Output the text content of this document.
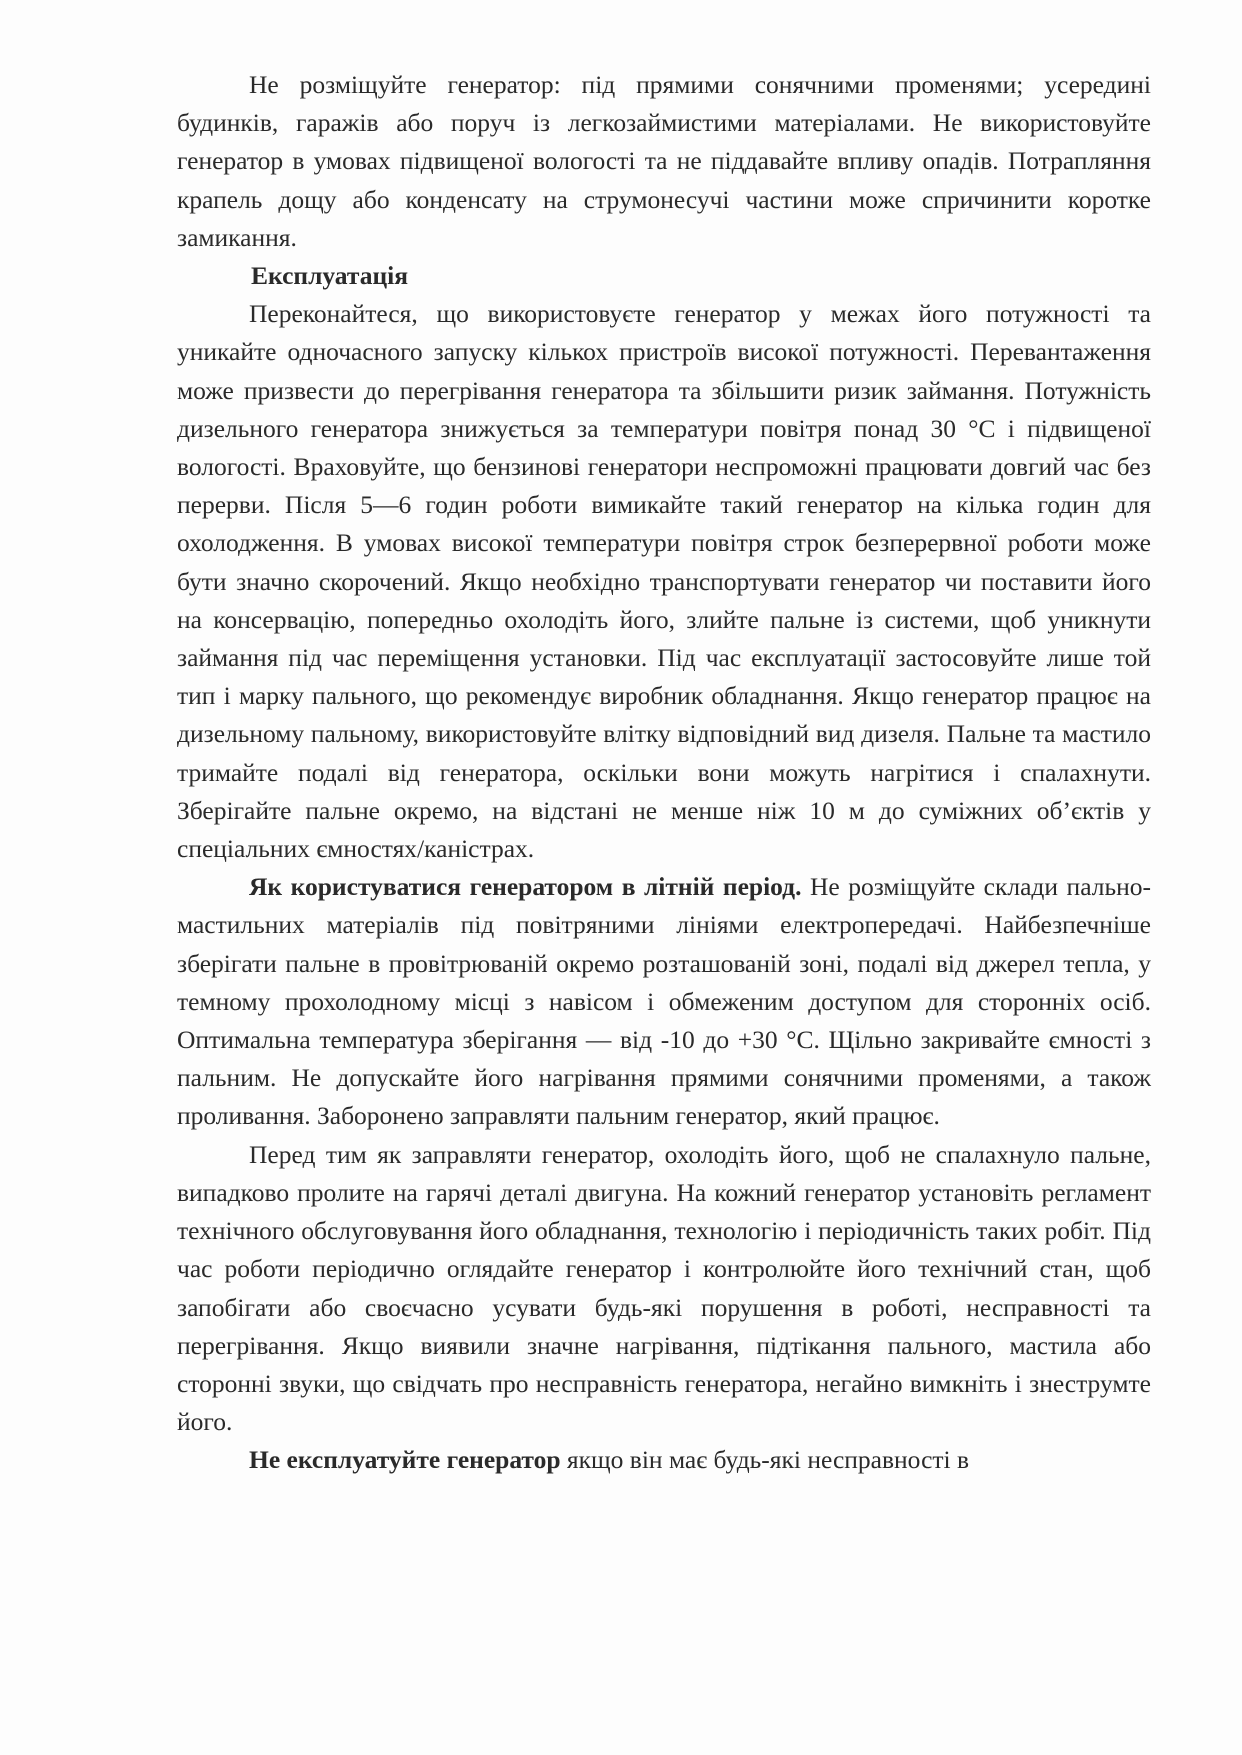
Не розміщуйте генератор: під прямими сонячними променями; усередині будинків, гаражів або поруч із легкозаймистими матеріалами. Не використовуйте генератор в умовах підвищеної вологості та не піддавайте впливу опадів. Потрапляння крапель дощу або конденсату на струмонесучі частини може спричинити коротке замикання.

Експлуатація

Переконайтеся, що використовуєте генератор у межах його потужності та уникайте одночасного запуску кількох пристроїв високої потужності. Перевантаження може призвести до перегрівання генератора та збільшити ризик займання. Потужність дизельного генератора знижується за температури повітря понад 30 °С і підвищеної вологості. Враховуйте, що бензинові генератори неспроможні працювати довгий час без перерви. Після 5—6 годин роботи вимикайте такий генератор на кілька годин для охолодження. В умовах високої температури повітря строк безперервної роботи може бути значно скорочений. Якщо необхідно транспортувати генератор чи поставити його на консервацію, попередньо охолодіть його, злийте пальне із системи, щоб уникнути займання під час переміщення установки. Під час експлуатації застосовуйте лише той тип і марку пального, що рекомендує виробник обладнання. Якщо генератор працює на дизельному пальному, використовуйте влітку відповідний вид дизеля. Пальне та мастило тримайте подалі від генератора, оскільки вони можуть нагрітися і спалахнути. Зберігайте пальне окремо, на відстані не менше ніж 10 м до суміжних об’єктів у спеціальних ємностях/каністрах.

Як користуватися генератором в літній період. Не розміщуйте склади пально-мастильних матеріалів під повітряними лініями електропередачі. Найбезпечніше зберігати пальне в провітрюваній окремо розташованій зоні, подалі від джерел тепла, у темному прохолодному місці з навісом і обмеженим доступом для сторонніх осіб. Оптимальна температура зберігання — від -10 до +30 °С. Щільно закривайте ємності з пальним. Не допускайте його нагрівання прямими сонячними променями, а також проливання. Заборонено заправляти пальним генератор, який працює.

Перед тим як заправляти генератор, охолодіть його, щоб не спалахнуло пальне, випадково пролите на гарячі деталі двигуна. На кожний генератор установіть регламент технічного обслуговування його обладнання, технологію і періодичність таких робіт. Під час роботи періодично оглядайте генератор і контролюйте його технічний стан, щоб запобігати або своєчасно усувати будь-які порушення в роботі, несправності та перегрівання. Якщо виявили значне нагрівання, підтікання пального, мастила або сторонні звуки, що свідчать про несправність генератора, негайно вимкніть і знеструмте його.

Не експлуатуйте генератор якщо він має будь-які несправності в
